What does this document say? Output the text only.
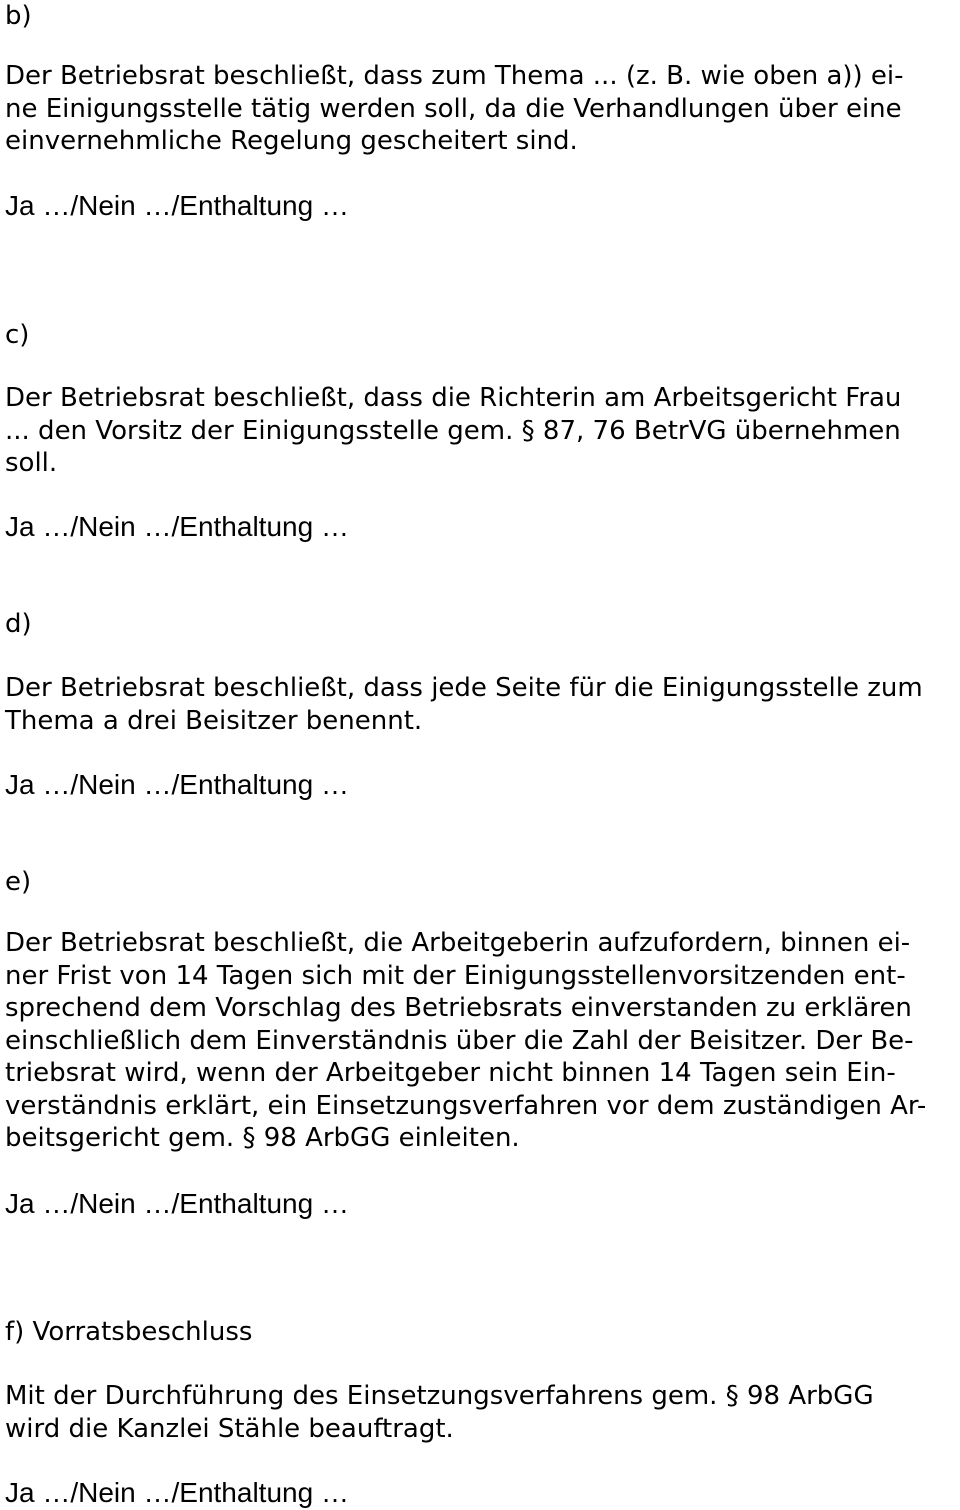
b)
Der Betriebsrat beschließt, dass zum Thema ... (z. B. wie oben a)) ei-
ne Einigungsstelle tätig werden soll, da die Verhandlungen über eine
einvernehmliche Regelung gescheitert sind.
Ja …/Nein …/Enthaltung …
c)
Der Betriebsrat beschließt, dass die Richterin am Arbeitsgericht Frau
... den Vorsitz der Einigungsstelle gem. § 87, 76 BetrVG übernehmen
soll.
Ja …/Nein …/Enthaltung …
d)
Der Betriebsrat beschließt, dass jede Seite für die Einigungsstelle zum
Thema a drei Beisitzer benennt.
Ja …/Nein …/Enthaltung …
e)
Der Betriebsrat beschließt, die Arbeitgeberin aufzufordern, binnen ei-
ner Frist von 14 Tagen sich mit der Einigungsstellenvorsitzenden ent-
sprechend dem Vorschlag des Betriebsrats einverstanden zu erklären
einschließlich dem Einverständnis über die Zahl der Beisitzer. Der Be-
triebsrat wird, wenn der Arbeitgeber nicht binnen 14 Tagen sein Ein-
verständnis erklärt, ein Einsetzungsverfahren vor dem zuständigen Ar-
beitsgericht gem. § 98 ArbGG einleiten.
Ja …/Nein …/Enthaltung …
f) Vorratsbeschluss
Mit der Durchführung des Einsetzungsverfahrens gem. § 98 ArbGG
wird die Kanzlei Stähle beauftragt.
Ja …/Nein …/Enthaltung …
